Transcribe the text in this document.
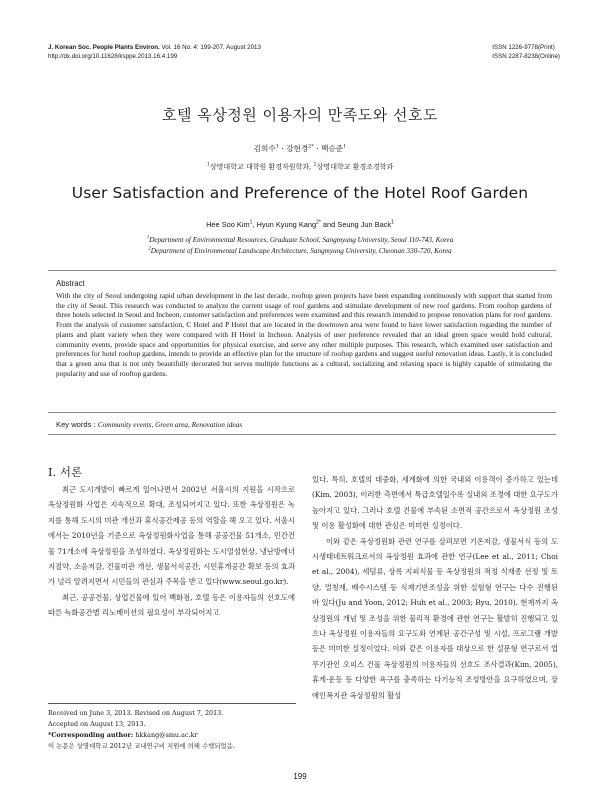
J. Korean Soc. People Plants Environ. Vol. 16 No. 4: 199-207, August 2013
http://dx.doi.org/10.11628/ksppe.2013.16.4.199
ISSN 1226-9778(Print)
ISSN 2287-8238(Online)
호텔 옥상정원 이용자의 만족도와 선호도
김희수$^1$ · 강현경$^{2*}$ · 백승준$^1$
$^1$상명대학교 대학원 환경자원학과, $^2$상명대학교 환경조경학과
User Satisfaction and Preference of the Hotel Roof Garden
Hee Soo Kim$^1$, Hyun Kyung Kang$^{2*}$ and Seung Jun Back$^1$
$^1$Department of Environmental Resources, Graduate School, Sangmyung University, Seoul 110-743, Korea
$^2$Department of Environmental Landscape Architecture, Sangmyung University, Cheonan 330-720, Korea
Abstract
With the city of Seoul undergoing rapid urban development in the last decade, rooftop green projects have been expanding continuously with support that started from the city of Seoul. This research was conducted to analyze the current usage of roof gardens and stimulate development of new roof gardens. From rooftop gardens of three hotels selected in Seoul and Incheon, customer satisfaction and preferences were examined and this research intended to propose renovation plans for roof gardens. From the analysis of customer satisfaction, C Hotel and P Hotel that are located in the downtown area were found to have lower satisfaction regarding the number of plants and plant variety when they were compared with H Hotel in Incheon. Analysis of user preference revealed that an ideal green space would hold cultural, community events, provide space and opportunities for physical exercise, and serve any other multiple purposes. This research, which examined user satisfaction and preferences for hotel rooftop gardens, intends to provide an effective plan for the structure of rooftop gardens and suggest useful renovation ideas. Lastly, it is concluded that a green area that is not only beautifully decorated but serves multiple functions as a cultural, socializing and relaxing space is highly capable of stimulating the popularity and use of rooftop gardens.
Key words : Community events, Green area, Renovation ideas
Ⅰ. 서론

최근 도시개발이 빠르게 일어나면서 2002년 서울시의 지원을 시작으로 옥상정원화 사업은 지속적으로 확대, 조성되어지고 있다. 또한 옥상정원은 녹지를 통해 도시의 미관 개선과 휴식공간제공 등의 역할을 해 오고 있다. 서울시에서는 2010년을 기준으로 옥상정원화사업을 통해 공공건물 51개소, 민간건물 71개소에 옥상정원을 조성하였다. 옥상정원화는 도시열섬현상, 냉난방에너지절약, 소음저감, 건물미관 개선, 생물서식공간, 시민휴게공간 확보 등의 효과가 널리 알려지면서 시민들의 관심과 주목을 받고 있다(www.seoul.go.kr).

최근, 공공건물, 상업건물에 있어 백화점, 호텔 등은 이용자들의 선호도에 따른 녹화공간별 리노베이션의 필요성이 부각되어지고

있다. 특히, 호텔의 대중화, 세계화에 의한 국내외 이용객이 증가하고 있는데(Kim, 2003), 이러한 측면에서 특급호텔일수록 실내외 조경에 대한 요구도가 높아지고 있다. 그러나 호텔 건물에 부속된 소면적 공간으로서 옥상정원 조성 및 이용 활성화에 대한 관심은 미미한 실정이다.

이와 같은 옥상정원화 관련 연구를 살펴보면 기온저감, 생물서식 등의 도시생태네트워크로서의 옥상정원 효과에 관한 연구(Lee et al., 2011; Choi et al., 2004), 세덤류, 상록 지피식물 등 옥상정원의 적정 식재종 선정 및 토양, 멀칭재, 배수시스템 등 식재기반조성을 위한 실험형 연구는 다수 진행된 바 있다(Ju and Yoon, 2012; Huh et al., 2003; Ryu, 2010). 현재까지 옥상정원의 개념 및 조성을 위한 물리적 환경에 관한 연구는 활발히 진행되고 있으나 옥상정원 이용자들의 요구도와 연계된 공간구성 및 시설, 프로그램 개발 등은 미미한 실정이었다. 이와 같은 이용자를 대상으로 한 설문형 연구로서 업무기관인 오피스 건물 옥상정원의 이용자들의 선호도 조사결과(Kim, 2005), 휴게·운동 등 다양한 욕구를 충족하는 다기능적 조성방안을 요구하였으며, 장애인복지관 옥상정원의 활성

Received on June 3, 2013. Revised on August 7, 2013.
Accepted on August 13, 2013.
*Corresponding author: hkkang@smu.ac.kr
이 논문은 상명대학교 2012년 교내연구비 지원에 의해 수행되었음.
199
